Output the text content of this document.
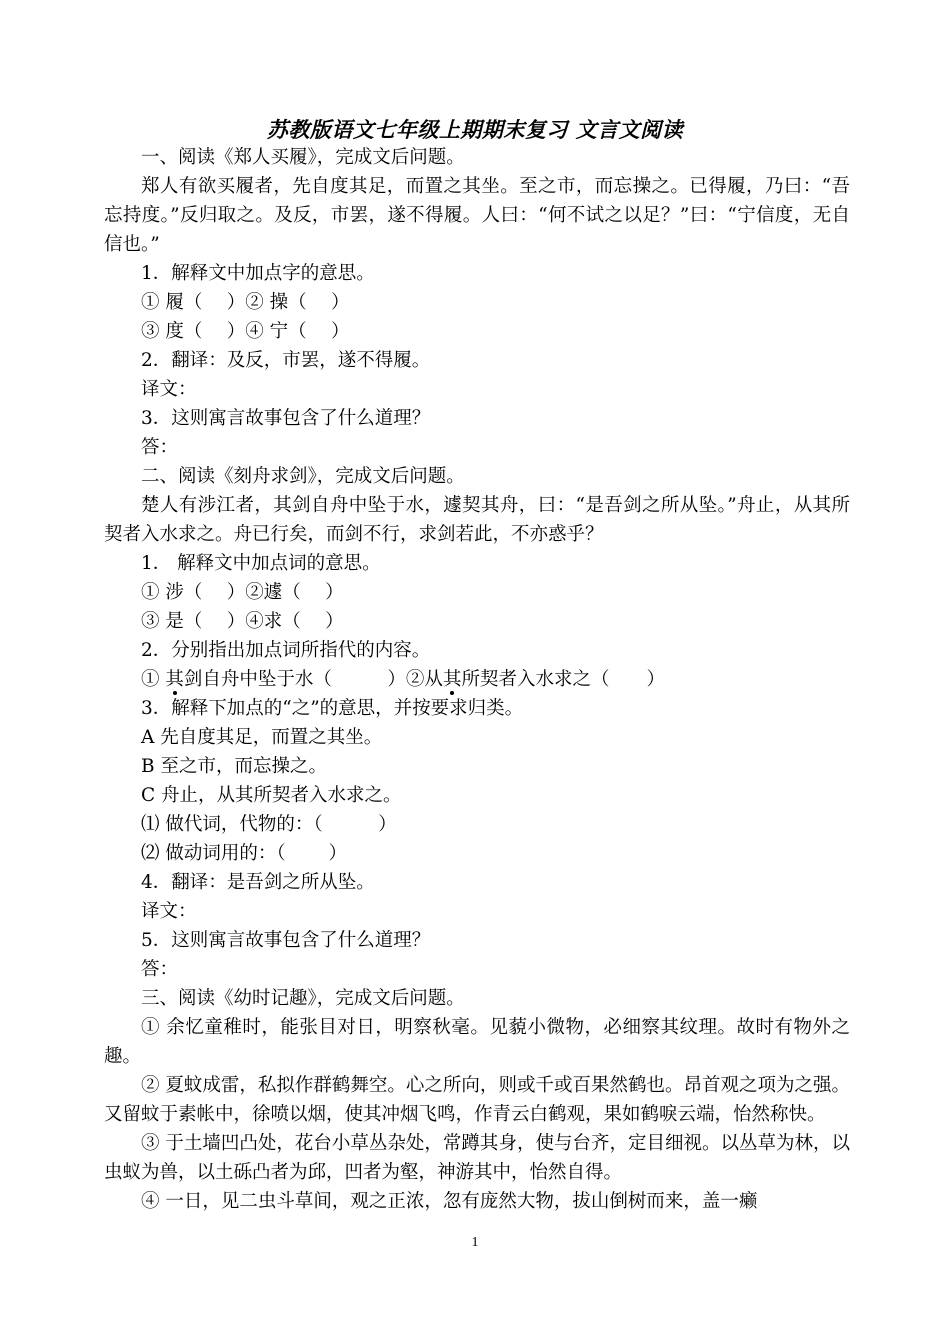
苏教版语文七年级上期期末复习 文言文阅读

一、阅读《郑人买履》，完成文后问题。

郑人有欲买履者，先自度其足，而置之其坐。至之市，而忘操之。已得履，乃曰：“吾忘持度。”反归取之。及反，市罢，遂不得履。人曰：“何不试之以足？”曰：“宁信度，无自信也。”

1．解释文中加点字的意思。

① 履（　 ）② 操（　 ）

③ 度（　 ）④ 宁（　 ）

2．翻译：及反，市罢，遂不得履。

译文：

3．这则寓言故事包含了什么道理？

答：

二、阅读《刻舟求剑》，完成文后问题。

楚人有涉江者，其剑自舟中坠于水，遽契其舟，曰：“是吾剑之所从坠。”舟止，从其所契者入水求之。舟已行矣，而剑不行，求剑若此，不亦惑乎？

1． 解释文中加点词的意思。

① 涉（　 ）②遽（　 ）

③ 是（　 ）④求（　 ）

2．分别指出加点词所指代的内容。

① 其剑自舟中坠于水（　　　）②从其所契者入水求之（　　）

3．解释下加点的“之”的意思，并按要求归类。

A 先自度其足，而置之其坐。

B 至之市，而忘操之。

C 舟止，从其所契者入水求之。

⑴ 做代词，代物的：（　　　）

⑵ 做动词用的：（　　 ）

4．翻译：是吾剑之所从坠。

译文：

5．这则寓言故事包含了什么道理？

答：

三、阅读《幼时记趣》，完成文后问题。

① 余忆童稚时，能张目对日，明察秋毫。见藐小微物，必细察其纹理。故时有物外之趣。

② 夏蚊成雷，私拟作群鹤舞空。心之所向，则或千或百果然鹤也。昂首观之项为之强。又留蚊于素帐中，徐喷以烟，使其冲烟飞鸣，作青云白鹤观，果如鹤唳云端，怡然称快。

③ 于土墙凹凸处，花台小草丛杂处，常蹲其身，使与台齐，定目细视。以丛草为林，以虫蚁为兽，以土砾凸者为邱，凹者为壑，神游其中，怡然自得。

④ 一日，见二虫斗草间，观之正浓，忽有庞然大物，拔山倒树而来，盖一癞

1
